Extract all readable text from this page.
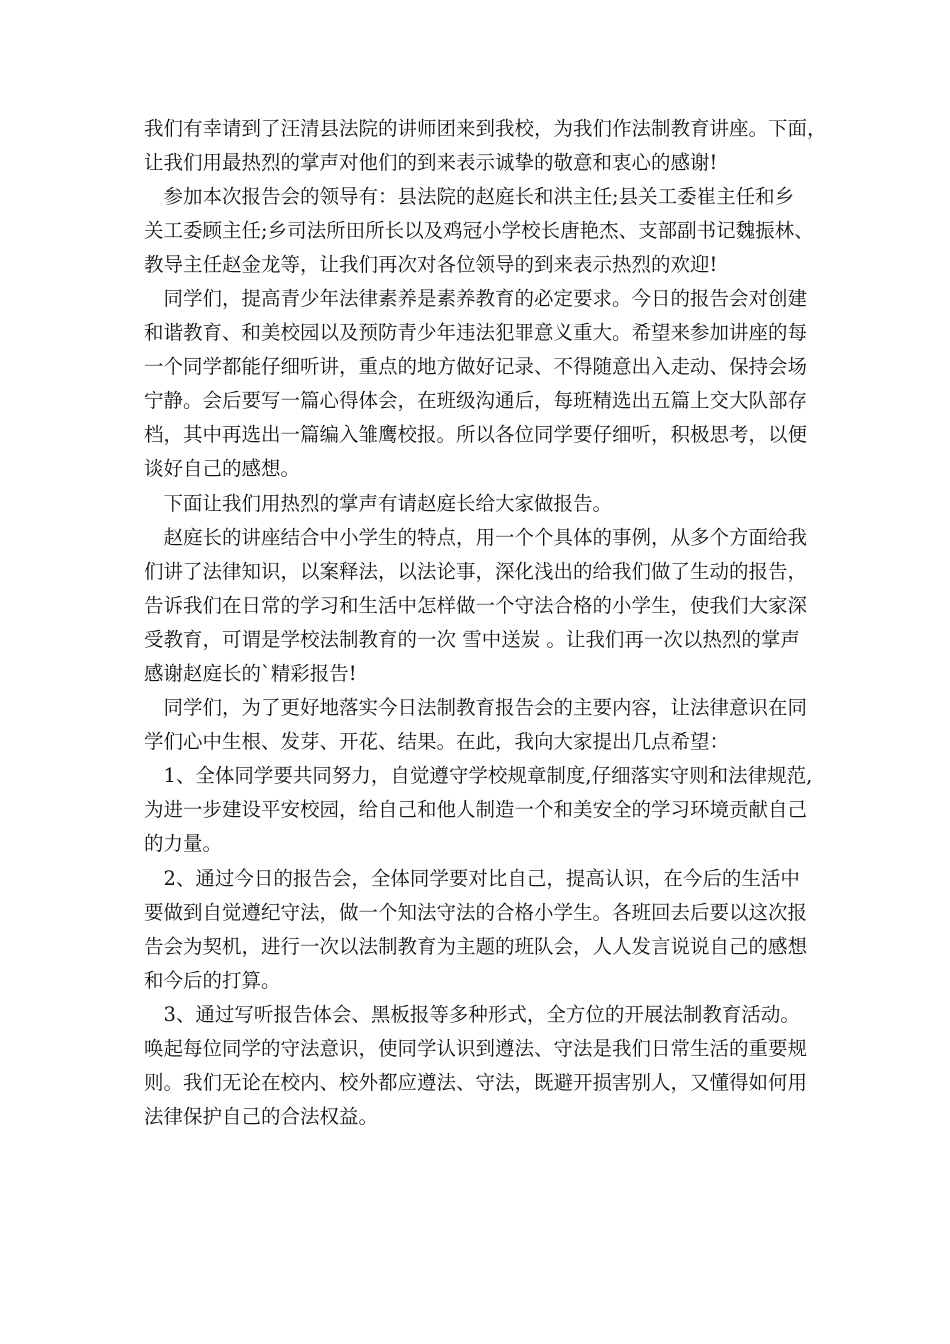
我们有幸请到了汪清县法院的讲师团来到我校，为我们作法制教育讲座。下面，
让我们用最热烈的掌声对他们的到来表示诚挚的敬意和衷心的感谢!
　参加本次报告会的领导有：县法院的赵庭长和洪主任;县关工委崔主任和乡
关工委顾主任;乡司法所田所长以及鸡冠小学校长唐艳杰、支部副书记魏振林、
教导主任赵金龙等，让我们再次对各位领导的到来表示热烈的欢迎!
　同学们，提高青少年法律素养是素养教育的必定要求。今日的报告会对创建
和谐教育、和美校园以及预防青少年违法犯罪意义重大。希望来参加讲座的每
一个同学都能仔细听讲，重点的地方做好记录、不得随意出入走动、保持会场
宁静。会后要写一篇心得体会，在班级沟通后，每班精选出五篇上交大队部存
档，其中再选出一篇编入雏鹰校报。所以各位同学要仔细听，积极思考，以便
谈好自己的感想。
　下面让我们用热烈的掌声有请赵庭长给大家做报告。
　赵庭长的讲座结合中小学生的特点，用一个个具体的事例，从多个方面给我
们讲了法律知识，以案释法，以法论事，深化浅出的给我们做了生动的报告，
告诉我们在日常的学习和生活中怎样做一个守法合格的小学生，使我们大家深
受教育，可谓是学校法制教育的一次 雪中送炭 。让我们再一次以热烈的掌声
感谢赵庭长的`精彩报告!
　同学们，为了更好地落实今日法制教育报告会的主要内容，让法律意识在同
学们心中生根、发芽、开花、结果。在此，我向大家提出几点希望：
　1、全体同学要共同努力，自觉遵守学校规章制度,仔细落实守则和法律规范,
为进一步建设平安校园，给自己和他人制造一个和美安全的学习环境贡献自己
的力量。
　2、通过今日的报告会，全体同学要对比自己，提高认识，在今后的生活中
要做到自觉遵纪守法，做一个知法守法的合格小学生。各班回去后要以这次报
告会为契机，进行一次以法制教育为主题的班队会，人人发言说说自己的感想
和今后的打算。
　3、通过写听报告体会、黑板报等多种形式，全方位的开展法制教育活动。
唤起每位同学的守法意识，使同学认识到遵法、守法是我们日常生活的重要规
则。我们无论在校内、校外都应遵法、守法，既避开损害别人，又懂得如何用
法律保护自己的合法权益。
